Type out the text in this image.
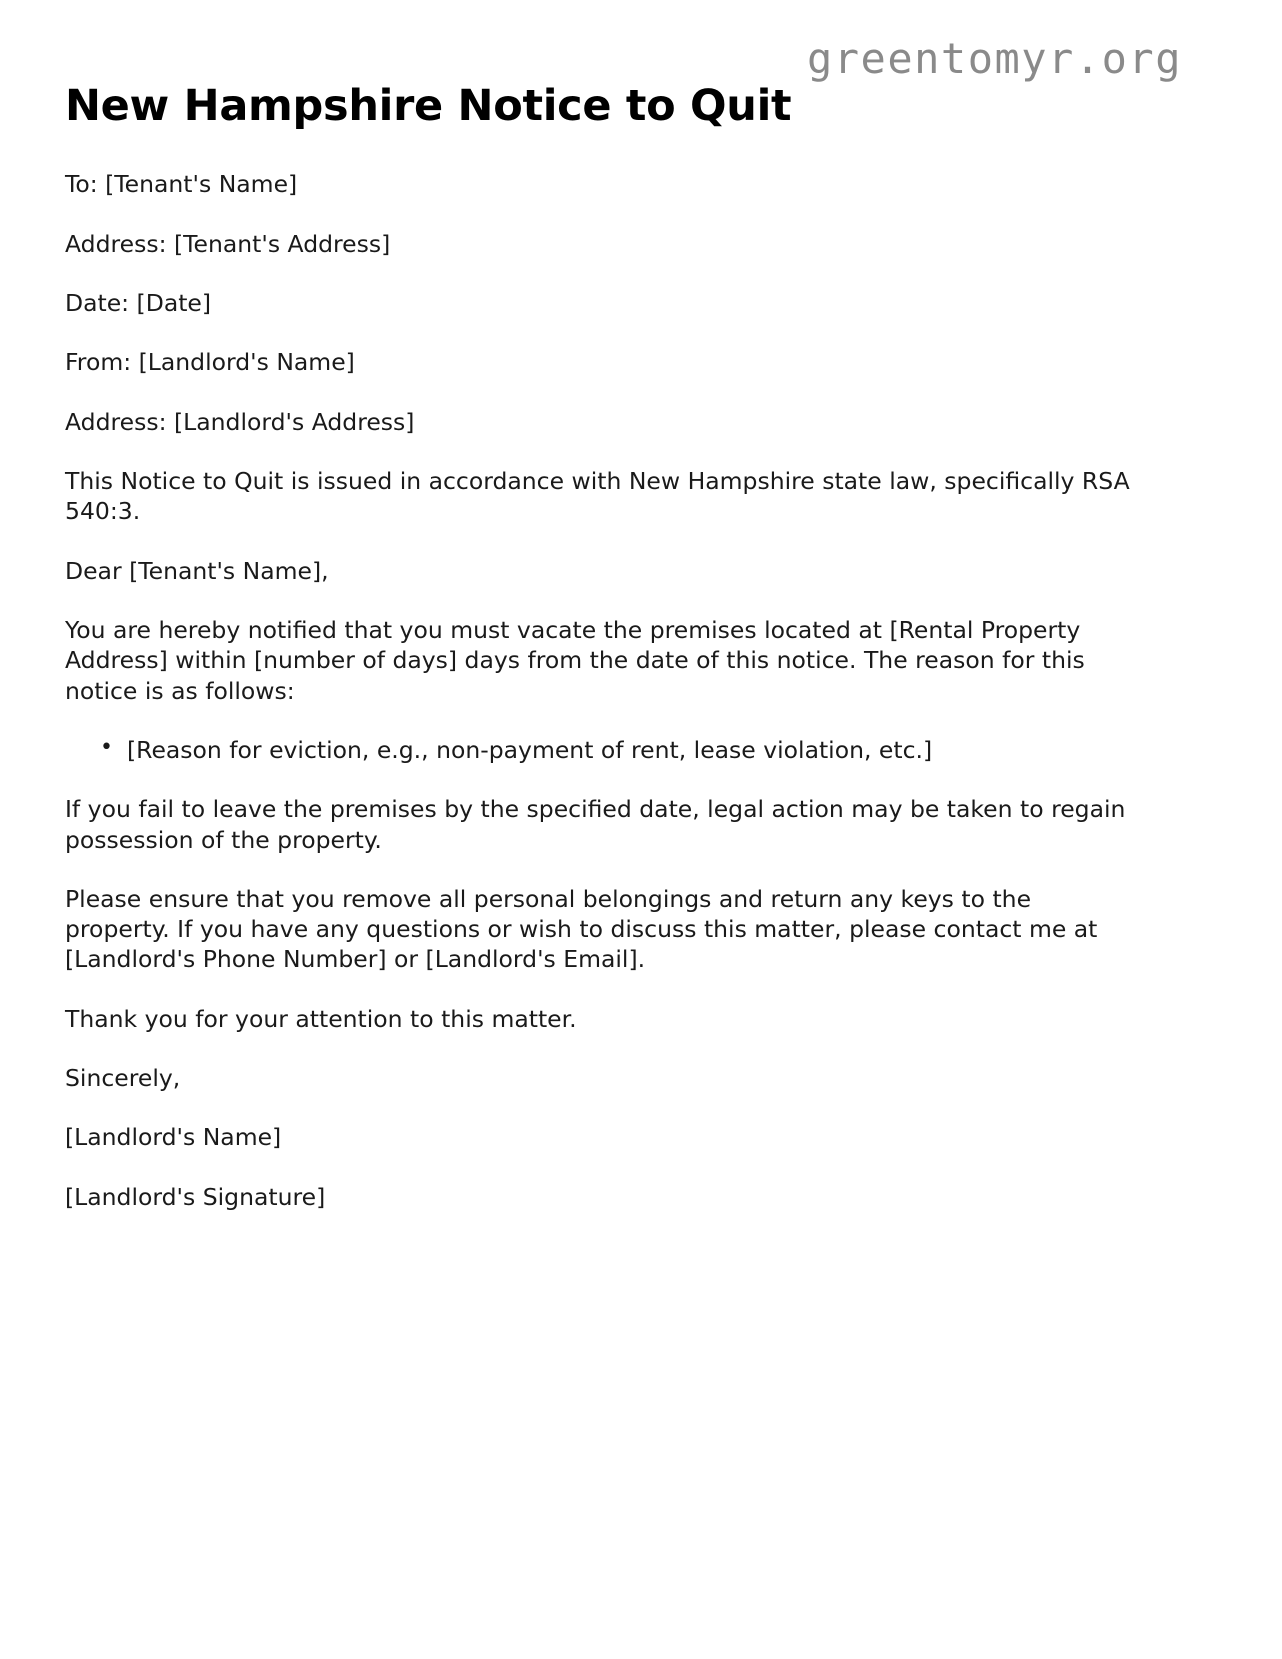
greentomyr.org
New Hampshire Notice to Quit

To: [Tenant's Name]

Address: [Tenant's Address]

Date: [Date]

From: [Landlord's Name]

Address: [Landlord's Address]

This Notice to Quit is issued in accordance with New Hampshire state law, specifically RSA 540:3.

Dear [Tenant's Name],

You are hereby notified that you must vacate the premises located at [Rental Property Address] within [number of days] days from the date of this notice. The reason for this notice is as follows:

• [Reason for eviction, e.g., non-payment of rent, lease violation, etc.]

If you fail to leave the premises by the specified date, legal action may be taken to regain possession of the property.

Please ensure that you remove all personal belongings and return any keys to the property. If you have any questions or wish to discuss this matter, please contact me at [Landlord's Phone Number] or [Landlord's Email].

Thank you for your attention to this matter.

Sincerely,

[Landlord's Name]

[Landlord's Signature]
